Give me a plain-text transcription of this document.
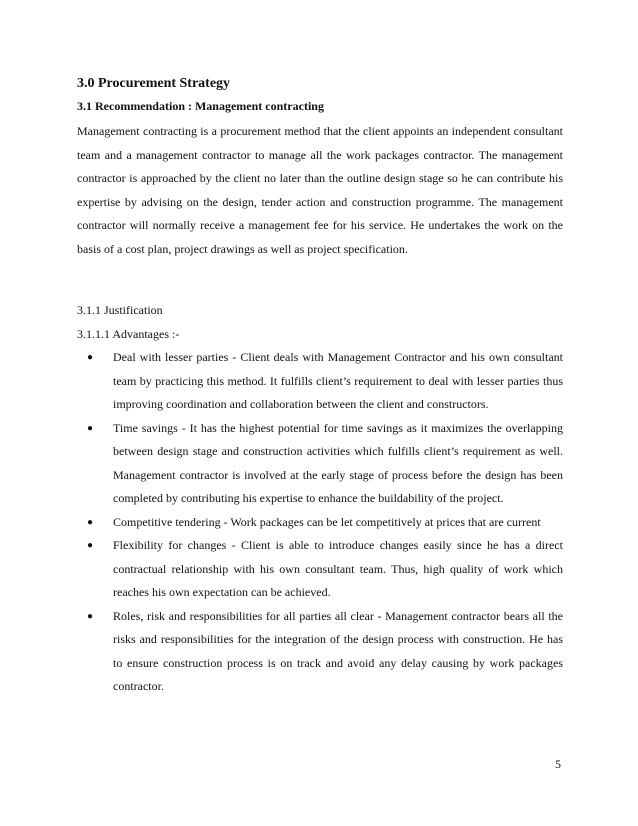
3.0 Procurement Strategy
3.1 Recommendation : Management contracting
Management contracting is a procurement method that the client appoints an independent consultant team and a management contractor to manage all the work packages contractor. The management contractor is approached by the client no later than the outline design stage so he can contribute his expertise by advising on the design, tender action and construction programme. The management contractor will normally receive a management fee for his service. He undertakes the work on the basis of a cost plan, project drawings as well as project specification.
3.1.1 Justification
3.1.1.1 Advantages :-
● Deal with lesser parties - Client deals with Management Contractor and his own consultant team by practicing this method. It fulfills client’s requirement to deal with lesser parties thus improving coordination and collaboration between the client and constructors.
● Time savings - It has the highest potential for time savings as it maximizes the overlapping between design stage and construction activities which fulfills client’s requirement as well. Management contractor is involved at the early stage of process before the design has been completed by contributing his expertise to enhance the buildability of the project.
● Competitive tendering - Work packages can be let competitively at prices that are current
● Flexibility for changes - Client is able to introduce changes easily since he has a direct contractual relationship with his own consultant team. Thus, high quality of work which reaches his own expectation can be achieved.
● Roles, risk and responsibilities for all parties all clear - Management contractor bears all the risks and responsibilities for the integration of the design process with construction. He has to ensure construction process is on track and avoid any delay causing by work packages contractor.
5
